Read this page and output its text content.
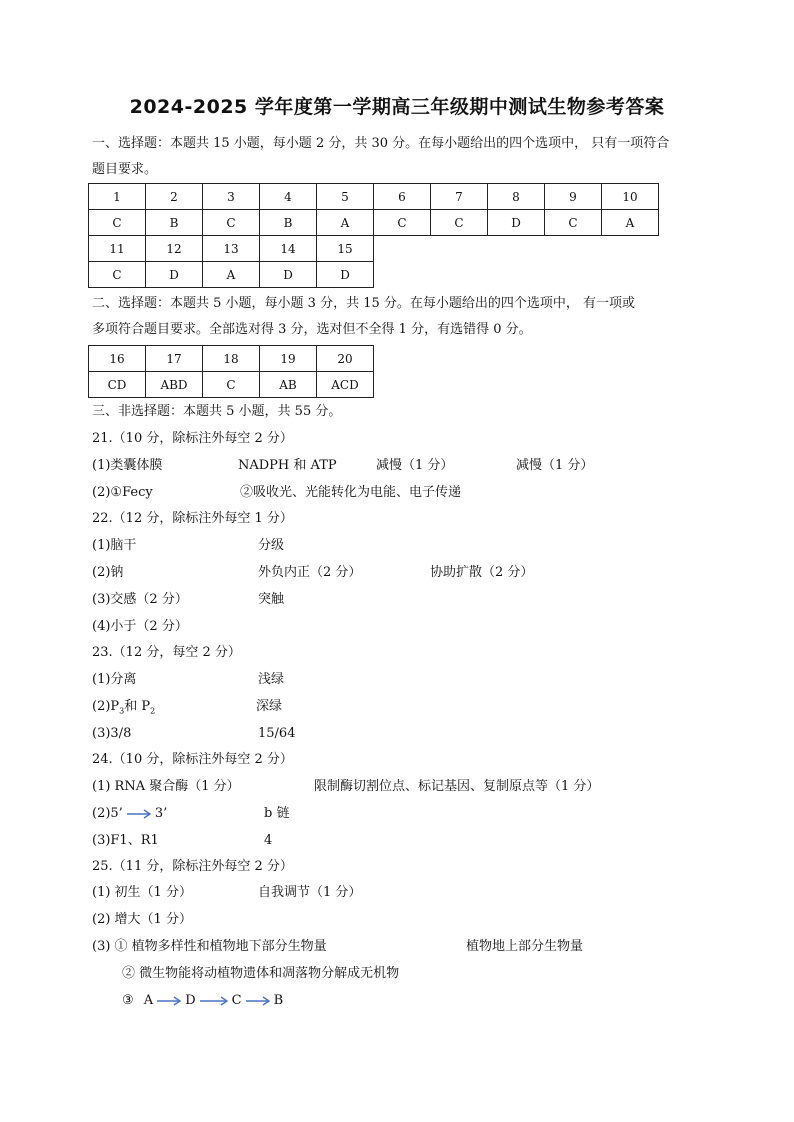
2024-2025 学年度第一学期高三年级期中测试生物参考答案
一、选择题：本题共 15 小题，每小题 2 分，共 30 分。在每小题给出的四个选项中， 只有一项符合
题目要求。
1	2	3	4	5	6	7	8	9	10
C	B	C	B	A	C	C	D	C	A
11	12	13	14	15					
C	D	A	D	D					
二、选择题：本题共 5 小题，每小题 3 分，共 15 分。在每小题给出的四个选项中， 有一项或
多项符合题目要求。全部选对得 3 分，选对但不全得 1 分，有选错得 0 分。
16	17	18	19	20
CD	ABD	C	AB	ACD
三、非选择题：本题共 5 小题，共 55 分。
21.（10 分，除标注外每空 2 分）
(1)类囊体膜	NADPH 和 ATP	减慢（1 分）	减慢（1 分）
(2)①Fecy	②吸收光、光能转化为电能、电子传递
22.（12 分，除标注外每空 1 分）
(1)脑干	分级
(2)钠	外负内正（2 分）	协助扩散（2 分）
(3)交感（2 分）	突触
(4)小于（2 分）
23.（12 分，每空 2 分）
(1)分离	浅绿
$(2)P_3$和 $P_2$	深绿
(3)3/8	15/64
24.（10 分，除标注外每空 2 分）
(1) RNA 聚合酶（1 分）	限制酶切割位点、标记基因、复制原点等（1 分）
(2)5’ 3’	b 链
(3)F1、R1	4
25.（11 分，除标注外每空 2 分）
(1) 初生（1 分）	自我调节（1 分）
(2) 增大（1 分）
(3) ① 植物多样性和植物地下部分生物量	植物地上部分生物量
② 微生物能将动植物遗体和凋落物分解成无机物
③ A D	C B
